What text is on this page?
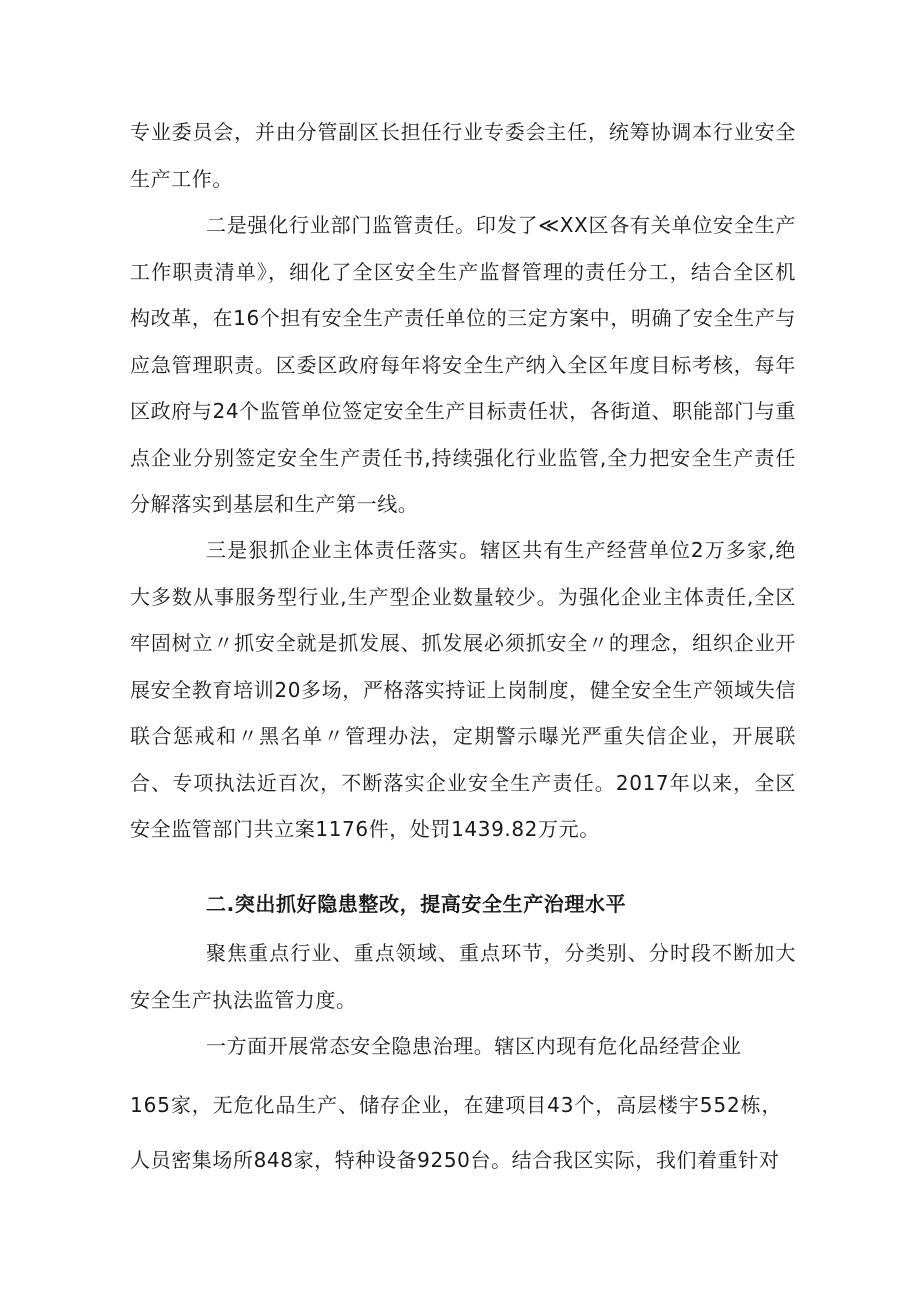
专业委员会，并由分管副区长担任行业专委会主任，统筹协调本行业安全生产工作。

二是强化行业部门监管责任。印发了≪XX区各有关单位安全生产工作职责清单》，细化了全区安全生产监督管理的责任分工，结合全区机构改革，在16个担有安全生产责任单位的三定方案中，明确了安全生产与应急管理职责。区委区政府每年将安全生产纳入全区年度目标考核，每年区政府与24个监管单位签定安全生产目标责任状，各街道、职能部门与重点企业分别签定安全生产责任书,持续强化行业监管,全力把安全生产责任分解落实到基层和生产第一线。

三是狠抓企业主体责任落实。辖区共有生产经营单位2万多家,绝大多数从事服务型行业,生产型企业数量较少。为强化企业主体责任,全区牢固树立〃抓安全就是抓发展、抓发展必须抓安全〃的理念，组织企业开展安全教育培训20多场，严格落实持证上岗制度，健全安全生产领域失信联合惩戒和〃黑名单〃管理办法，定期警示曝光严重失信企业，开展联合、专项执法近百次，不断落实企业安全生产责任。2017年以来，全区安全监管部门共立案1176件，处罚1439.82万元。

二.突出抓好隐患整改，提高安全生产治理水平

聚焦重点行业、重点领域、重点环节，分类别、分时段不断加大安全生产执法监管力度。

一方面开展常态安全隐患治理。辖区内现有危化品经营企业

165家，无危化品生产、储存企业，在建项目43个，高层楼宇552栋，

人员密集场所848家，特种设备9250台。结合我区实际，我们着重针对
